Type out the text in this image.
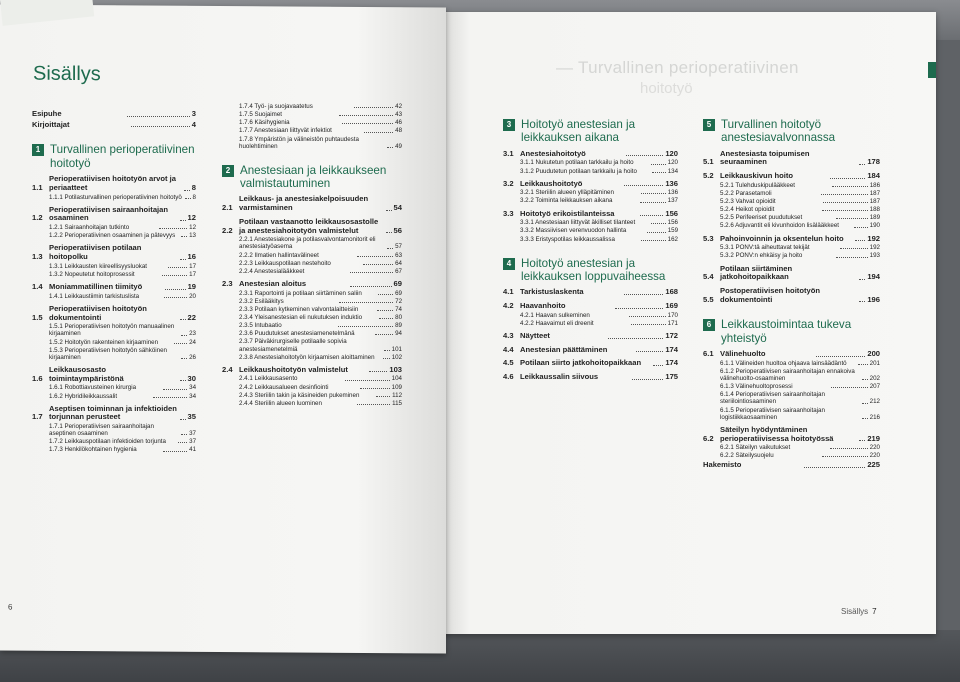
— Turvallinen perioperatiivinen
hoitotyö
Sisällys 7
Sisällys
6
Esipuhe	3
Kirjoittajat	4
1 Turvallinen perioperatiivinen hoitotyö
1.1
Perioperatiivisen hoitotyön arvot ja periaatteet	8
1.1.1 Potilasturvallinen perioperatiivinen hoitotyö 8
1.2
Perioperatiivisen sairaanhoitajan osaaminen	12
1.2.1 Sairaanhoitajan tutkinto	12
1.2.2 Perioperatiivinen osaaminen ja pätevyys	13
1.3
Perioperatiivisen potilaan hoitopolku	16
1.3.1 Leikkausten kiireellisyysluokat	17
1.3.2 Nopeutetut hoitoprosessit	17
1.4 Moniammatillinen tiimityö	19
1.4.1 Leikkaustiimin tarkistuslista	20
1.5
Perioperatiivisen hoitotyön dokumentointi	22
1.5.1 Perioperatiivisen hoitotyön manuaalinen kirjaaminen	23
1.5.2 Hoitotyön rakenteinen kirjaaminen	24
1.5.3 Perioperatiivisen hoitotyön sähköinen kirjaaminen	26
1.6
Leikkausosasto toimintaympäristönä	30
1.6.1 Robottiavusteinen kirurgia	34
1.6.2 Hybridileikkaussalit	34
1.7
Aseptisen toiminnan ja infektioiden torjunnan perusteet	35
1.7.1 Perioperatiivisen sairaanhoitajan aseptinen osaaminen	37
1.7.2 Leikkauspotilaan infektioiden torjunta	37
1.7.3 Henkilökohtainen hygienia	41
1.7.4 Työ- ja suojavaatetus	42
1.7.5 Suojaimet	43
1.7.6 Käsihygienia	46
1.7.7 Anestesiaan liittyvät infektiot	48
1.7.8 Ympäristön ja välineistön puhtaudesta huolehtiminen	49
2 Anestesiaan ja leikkaukseen valmistautuminen
2.1
Leikkaus- ja anestesiakelpoisuuden varmistaminen	54
2.2
Potilaan vastaanotto leikkausosastolle ja anestesiahoitotyön valmistelut	56
2.2.1 Anestesiakone ja potilasvalvontamonitorit eli anestesiatyöasema	57
2.2.2 Ilmatien hallintavälineet	63
2.2.3 Leikkauspotilaan nestehoito	64
2.2.4 Anestesialääkkeet	67
2.3 Anestesian aloitus	69
2.3.1 Raportointi ja potilaan siirtäminen saliin	69
2.3.2 Esilääkitys	72
2.3.3 Potilaan kytkeminen valvontalaitteisiin	74
2.3.4 Yleisanestesian eli nukutuksen induktio	80
2.3.5 Intubaatio	89
2.3.6 Puudutukset anestesiamenetelmänä	94
2.3.7 Päiväkirurgiselle potilaalle sopivia anestesiamenetelmiä	101
2.3.8 Anestesiahoitotyön kirjaamisen aloittaminen	102
2.4 Leikkaushoitotyön valmistelut	103
2.4.1 Leikkausasento	104
2.4.2 Leikkausalueen desinfiointi	109
2.4.3 Steriilin takin ja käsineiden pukeminen	112
2.4.4 Steriilin alueen luominen	115
3 Hoitotyö anestesian ja leikkauksen aikana
3.1 Anestesiahoitotyö	120
3.1.1 Nukutetun potilaan tarkkailu ja hoito	120
3.1.2 Puudutetun potilaan tarkkailu ja hoito	134
3.2 Leikkaushoitotyö	136
3.2.1 Steriilin alueen ylläpitäminen	136
3.2.2 Toiminta leikkauksen aikana	137
3.3 Hoitotyö erikoistilanteissa	156
3.3.1 Anestesiaan liittyvät äkilliset tilanteet	156
3.3.2 Massiivisen verenvuodon hallinta	159
3.3.3 Eristyspotilas leikkaussalissa	162
4 Hoitotyö anestesian ja leikkauksen loppuvaiheessa
4.1 Tarkistuslaskenta	168
4.2 Haavanhoito	169
4.2.1 Haavan sulkeminen	170
4.2.2 Haavaimut eli dreenit	171
4.3 Näytteet	172
4.4 Anestesian päättäminen	174
4.5 Potilaan siirto jatkohoitopaikkaan	174
4.6 Leikkaussalin siivous	175
5 Turvallinen hoitotyö anestesiavalvonnassa
5.1
Anestesiasta toipumisen seuraaminen	178
5.2 Leikkauskivun hoito	184
5.2.1 Tulehduskipulääkkeet	186
5.2.2 Parasetamoli	187
5.2.3 Vahvat opioidit	187
5.2.4 Heikot opioidit	188
5.2.5 Perifeeriset puudutukset	189
5.2.6 Adjuvantit eli kivunhoidon lisälääkkeet	190
5.3 Pahoinvoinnin ja oksentelun hoito	192
5.3.1 PONV:tä aiheuttavat tekijät	192
5.3.2 PONV:n ehkäisy ja hoito	193
5.4
Potilaan siirtäminen jatkohoitopaikkaan	194
5.5
Postoperatiivisen hoitotyön dokumentointi	196
6 Leikkaustoimintaa tukeva yhteistyö
6.1 Välinehuolto	200
6.1.1 Välineiden huoltoa ohjaava lainsäädäntö	201
6.1.2 Perioperatiivisen sairaanhoitajan ennakoiva välinehuolto-osaaminen	202
6.1.3 Välinehuoltoprosessi	207
6.1.4 Perioperatiivisen sairaanhoitajan steriilointiosaaminen	212
6.1.5 Perioperatiivisen sairaanhoitajan logistiikkaosaaminen	216
6.2
Säteilyn hyödyntäminen perioperatiivisessa hoitotyössä	219
6.2.1 Säteilyn vaikutukset	220
6.2.2 Säteilysuojelu	220
Hakemisto	225
